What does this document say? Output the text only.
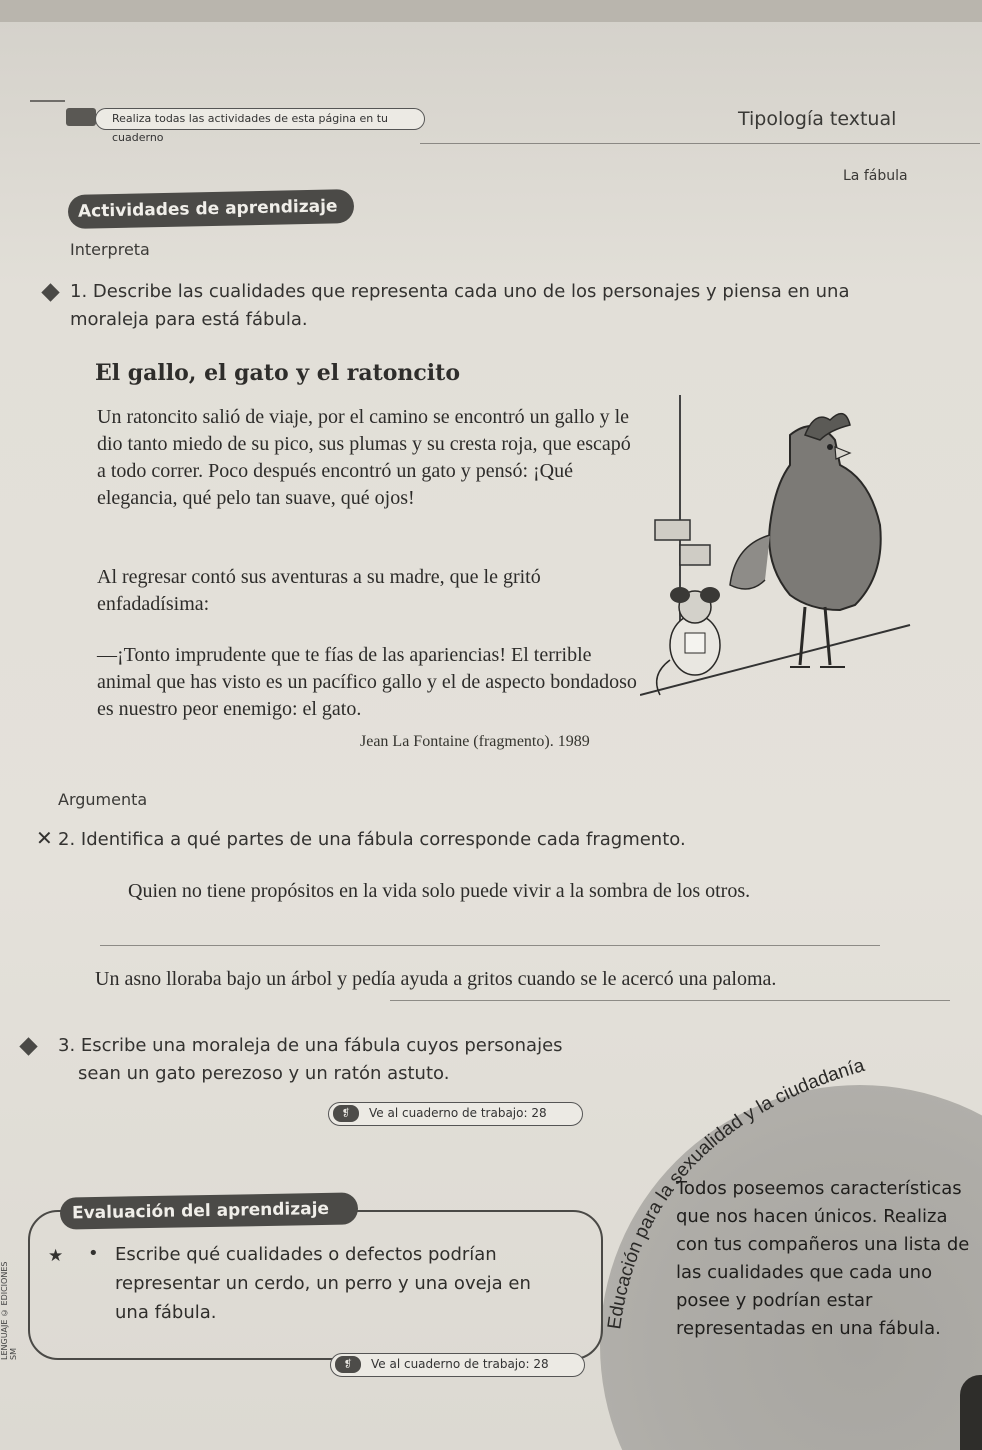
Realiza todas las actividades de esta página en tu cuaderno
Tipología textual
La fábula
Actividades de aprendizaje
Interpreta
1. Describe las cualidades que representa cada uno de los personajes y piensa en una moraleja para está fábula.
El gallo, el gato y el ratoncito
Un ratoncito salió de viaje, por el camino se encontró un gallo y le dio tanto miedo de su pico, sus plumas y su cresta roja, que escapó a todo correr. Poco después encontró un gato y pensó: ¡Qué elegancia, qué pelo tan suave, qué ojos!
Al regresar contó sus aventuras a su madre, que le gritó enfadadísima:
—¡Tonto imprudente que te fías de las apariencias! El terrible animal que has visto es un pacífico gallo y el de aspecto bondadoso es nuestro peor enemigo: el gato.
Jean La Fontaine (fragmento). 1989
Argumenta
✕ 2. Identifica a qué partes de una fábula corresponde cada fragmento.
Quien no tiene propósitos en la vida solo puede vivir a la sombra de los otros.
Un asno lloraba bajo un árbol y pedía ayuda a gritos cuando se le acercó una paloma.
Educación para la sexualidad y la ciudadanía
3. Escribe una moraleja de una fábula cuyos personajes
sean un gato perezoso y un ratón astuto.
❡	Ve al cuaderno de trabajo: 28
Evaluación del aprendizaje
★ • Escribe qué cualidades o defectos podrían representar un cerdo, un perro y una oveja en una fábula.
❡	Ve al cuaderno de trabajo: 28
Todos poseemos características que nos hacen únicos. Realiza con tus compañeros una lista de las cualidades que cada uno posee y podrían estar representadas en una fábula.
LENGUAJE © EDICIONES SM
